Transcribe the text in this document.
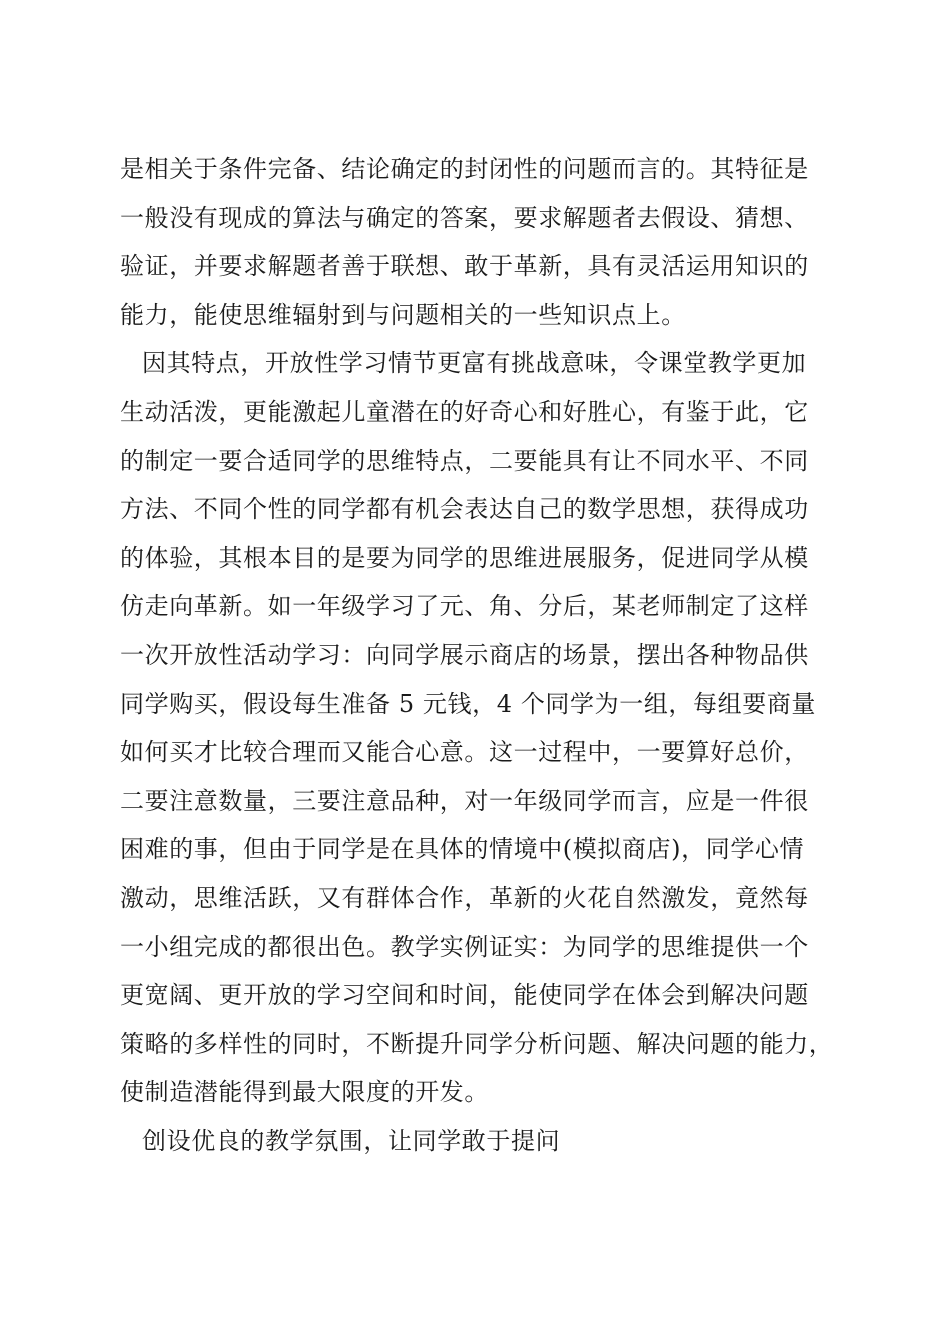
是相关于条件完备、结论确定的封闭性的问题而言的。其特征是
一般没有现成的算法与确定的答案，要求解题者去假设、猜想、
验证，并要求解题者善于联想、敢于革新，具有灵活运用知识的
能力，能使思维辐射到与问题相关的一些知识点上。
因其特点，开放性学习情节更富有挑战意味，令课堂教学更加
生动活泼，更能激起儿童潜在的好奇心和好胜心，有鉴于此，它
的制定一要合适同学的思维特点，二要能具有让不同水平、不同
方法、不同个性的同学都有机会表达自己的数学思想，获得成功
的体验，其根本目的是要为同学的思维进展服务，促进同学从模
仿走向革新。如一年级学习了元、角、分后，某老师制定了这样
一次开放性活动学习：向同学展示商店的场景，摆出各种物品供
同学购买，假设每生准备 5 元钱，4 个同学为一组，每组要商量
如何买才比较合理而又能合心意。这一过程中，一要算好总价，
二要注意数量，三要注意品种，对一年级同学而言，应是一件很
困难的事，但由于同学是在具体的情境中(模拟商店)，同学心情
激动，思维活跃，又有群体合作，革新的火花自然激发，竟然每
一小组完成的都很出色。教学实例证实：为同学的思维提供一个
更宽阔、更开放的学习空间和时间，能使同学在体会到解决问题
策略的多样性的同时，不断提升同学分析问题、解决问题的能力，
使制造潜能得到最大限度的开发。
创设优良的教学氛围，让同学敢于提问
